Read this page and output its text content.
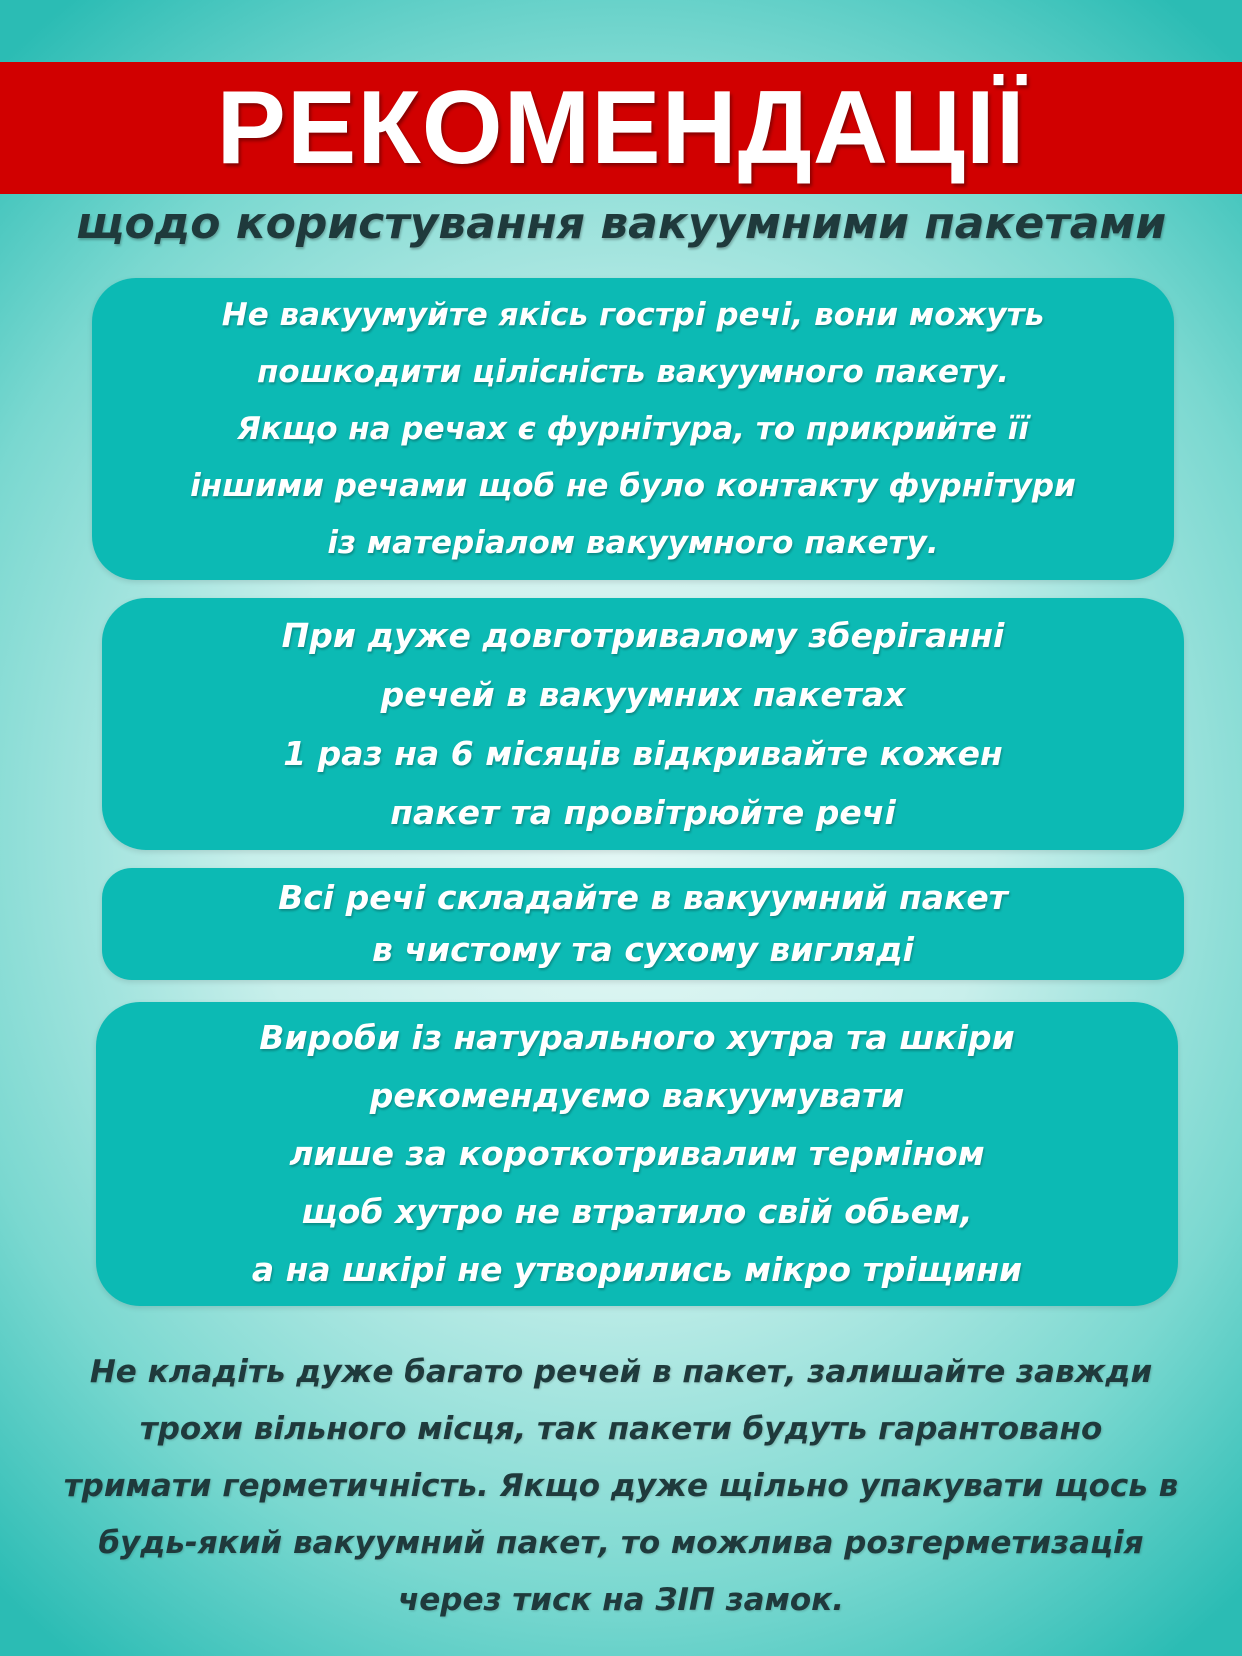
РЕКОМЕНДАЦІЇ
щодо користування вакуумними пакетами
Не вакуумуйте якісь гострі речі, вони можуть
пошкодити цілісність вакуумного пакету.
Якщо на речах є фурнітура, то прикрийте її
іншими речами щоб не було контакту фурнітури
із матеріалом вакуумного пакету.
При дуже довготривалому зберіганні
речей в вакуумних пакетах
1 раз на 6 місяців відкривайте кожен
пакет та провітрюйте речі
Всі речі складайте в вакуумний пакет
в чистому та сухому вигляді
Вироби із натурального хутра та шкіри
рекомендуємо вакуумувати
лише за короткотривалим терміном
щоб хутро не втратило свій обьем,
а на шкірі не утворились мікро тріщини
Не кладіть дуже багато речей в пакет, залишайте завжди
трохи вільного місця, так пакети будуть гарантовано
тримати герметичність. Якщо дуже щільно упакувати щось в
будь-який вакуумний пакет, то можлива розгерметизація
через тиск на ЗІП замок.
